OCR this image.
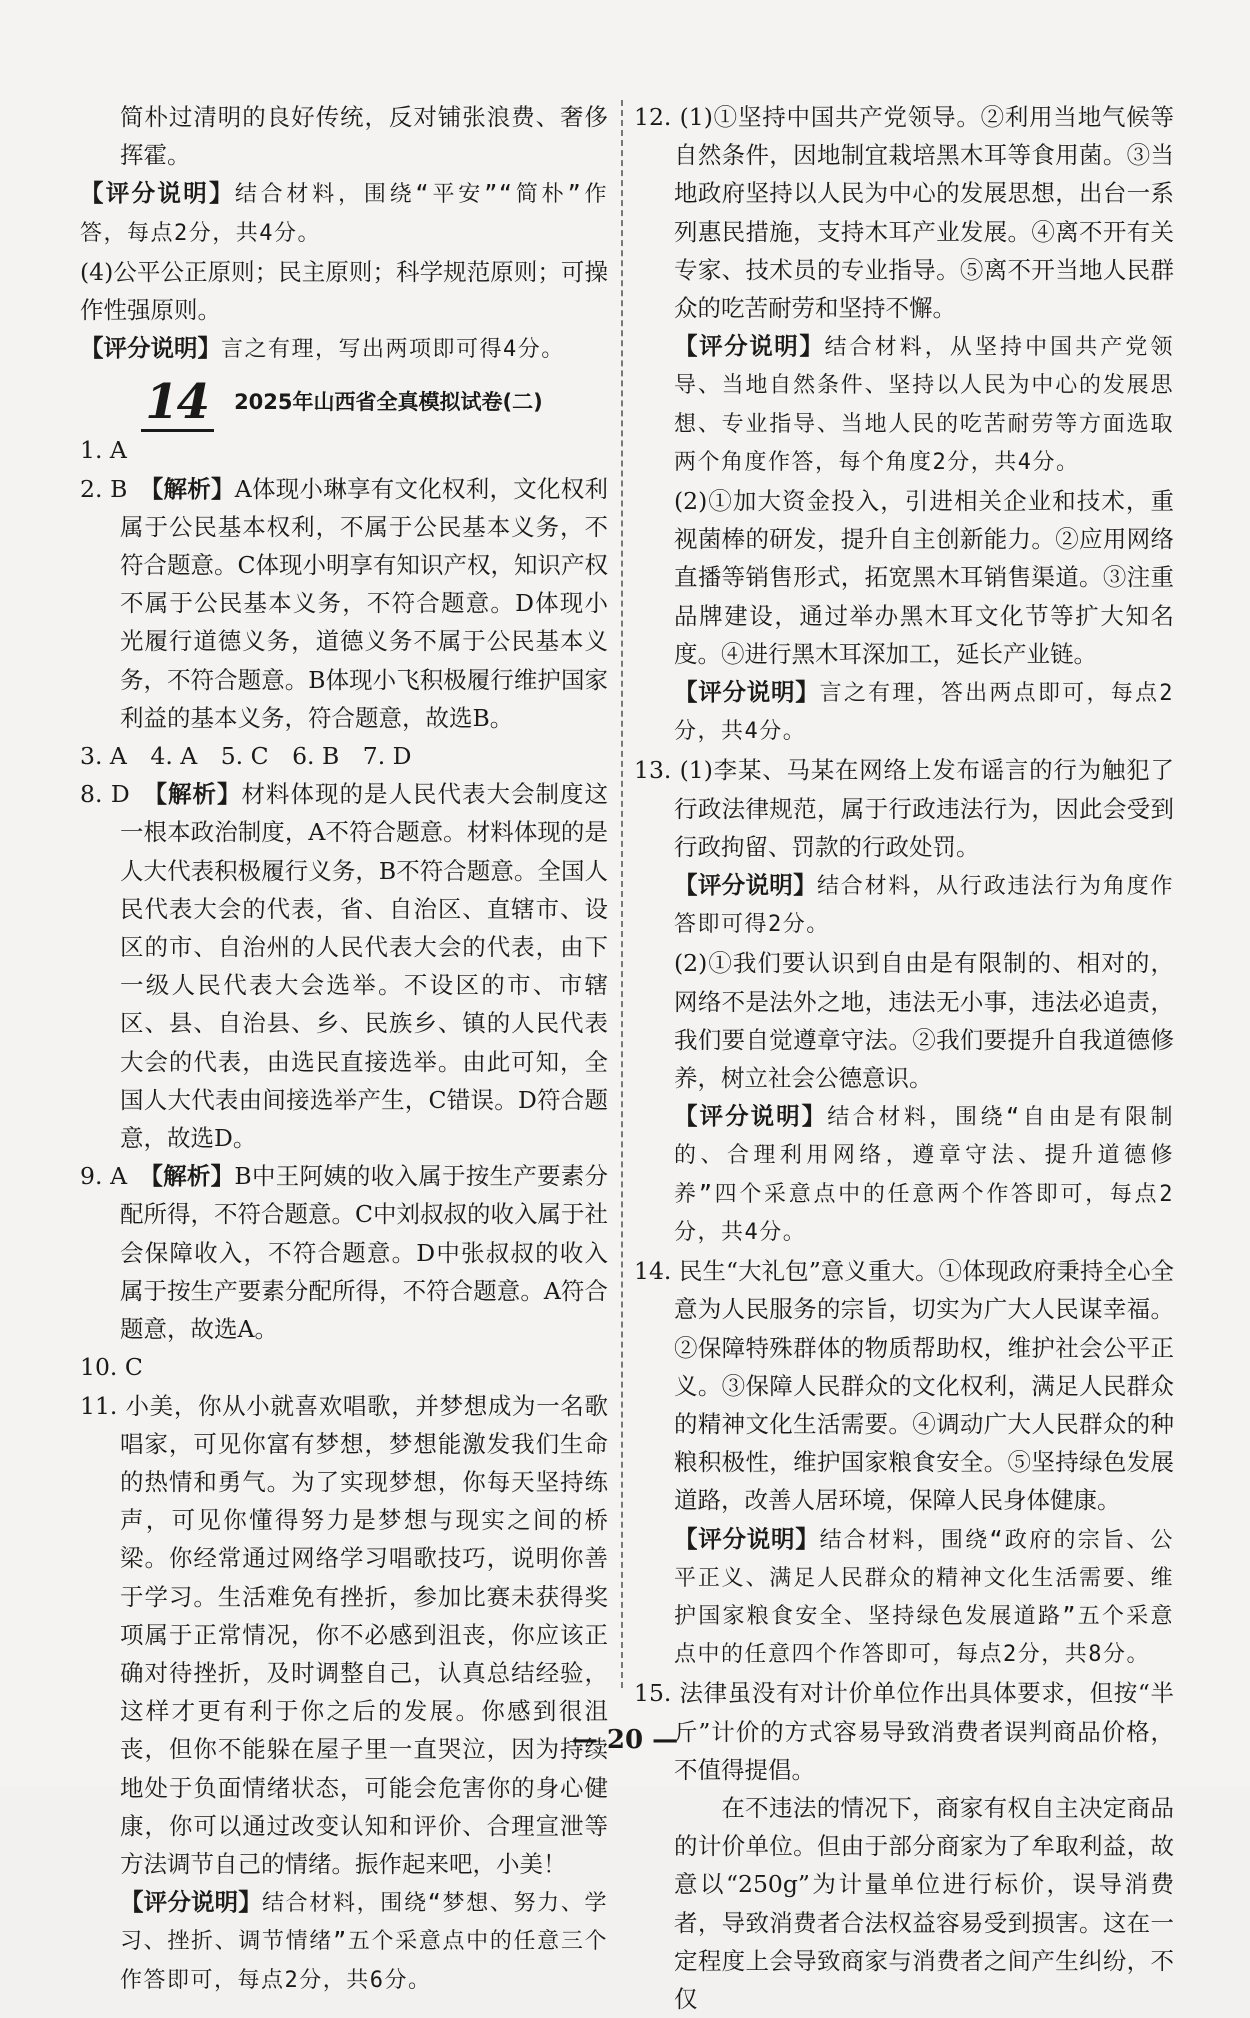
简朴过清明的良好传统，反对铺张浪费、奢侈挥霍。

【评分说明】结合材料，围绕“平安”“简朴”作答，每点2分，共4分。

(4)公平公正原则；民主原则；科学规范原则；可操作性强原则。

【评分说明】言之有理，写出两项即可得4分。

14 2025年山西省全真模拟试卷(二)

1. A

2. B　【解析】A体现小琳享有文化权利，文化权利属于公民基本权利，不属于公民基本义务，不符合题意。C体现小明享有知识产权，知识产权不属于公民基本义务，不符合题意。D体现小光履行道德义务，道德义务不属于公民基本义务，不符合题意。B体现小飞积极履行维护国家利益的基本义务，符合题意，故选B。

3. A　4. A　5. C　6. B　7. D

8. D　【解析】材料体现的是人民代表大会制度这一根本政治制度，A不符合题意。材料体现的是人大代表积极履行义务，B不符合题意。全国人民代表大会的代表，省、自治区、直辖市、设区的市、自治州的人民代表大会的代表，由下一级人民代表大会选举。不设区的市、市辖区、县、自治县、乡、民族乡、镇的人民代表大会的代表，由选民直接选举。由此可知，全国人大代表由间接选举产生，C错误。D符合题意，故选D。

9. A　【解析】B中王阿姨的收入属于按生产要素分配所得，不符合题意。C中刘叔叔的收入属于社会保障收入，不符合题意。D中张叔叔的收入属于按生产要素分配所得，不符合题意。A符合题意，故选A。

10. C

11. 小美，你从小就喜欢唱歌，并梦想成为一名歌唱家，可见你富有梦想，梦想能激发我们生命的热情和勇气。为了实现梦想，你每天坚持练声，可见你懂得努力是梦想与现实之间的桥梁。你经常通过网络学习唱歌技巧，说明你善于学习。生活难免有挫折，参加比赛未获得奖项属于正常情况，你不必感到沮丧，你应该正确对待挫折，及时调整自己，认真总结经验，这样才更有利于你之后的发展。你感到很沮丧，但你不能躲在屋子里一直哭泣，因为持续地处于负面情绪状态，可能会危害你的身心健康，你可以通过改变认知和评价、合理宣泄等方法调节自己的情绪。振作起来吧，小美！

【评分说明】结合材料，围绕“梦想、努力、学习、挫折、调节情绪”五个采意点中的任意三个作答即可，每点2分，共6分。

12. (1)①坚持中国共产党领导。②利用当地气候等自然条件，因地制宜栽培黑木耳等食用菌。③当地政府坚持以人民为中心的发展思想，出台一系列惠民措施，支持木耳产业发展。④离不开有关专家、技术员的专业指导。⑤离不开当地人民群众的吃苦耐劳和坚持不懈。

【评分说明】结合材料，从坚持中国共产党领导、当地自然条件、坚持以人民为中心的发展思想、专业指导、当地人民的吃苦耐劳等方面选取两个角度作答，每个角度2分，共4分。

(2)①加大资金投入，引进相关企业和技术，重视菌棒的研发，提升自主创新能力。②应用网络直播等销售形式，拓宽黑木耳销售渠道。③注重品牌建设，通过举办黑木耳文化节等扩大知名度。④进行黑木耳深加工，延长产业链。

【评分说明】言之有理，答出两点即可，每点2分，共4分。

13. (1)李某、马某在网络上发布谣言的行为触犯了行政法律规范，属于行政违法行为，因此会受到行政拘留、罚款的行政处罚。

【评分说明】结合材料，从行政违法行为角度作答即可得2分。

(2)①我们要认识到自由是有限制的、相对的，网络不是法外之地，违法无小事，违法必追责，我们要自觉遵章守法。②我们要提升自我道德修养，树立社会公德意识。

【评分说明】结合材料，围绕“自由是有限制的、合理利用网络，遵章守法、提升道德修养”四个采意点中的任意两个作答即可，每点2分，共4分。

14. 民生“大礼包”意义重大。①体现政府秉持全心全意为人民服务的宗旨，切实为广大人民谋幸福。②保障特殊群体的物质帮助权，维护社会公平正义。③保障人民群众的文化权利，满足人民群众的精神文化生活需要。④调动广大人民群众的种粮积极性，维护国家粮食安全。⑤坚持绿色发展道路，改善人居环境，保障人民身体健康。

【评分说明】结合材料，围绕“政府的宗旨、公平正义、满足人民群众的精神文化生活需要、维护国家粮食安全、坚持绿色发展道路”五个采意点中的任意四个作答即可，每点2分，共8分。

15. 法律虽没有对计价单位作出具体要求，但按“半斤”计价的方式容易导致消费者误判商品价格，不值得提倡。

在不违法的情况下，商家有权自主决定商品的计价单位。但由于部分商家为了牟取利益，故意以“250g”为计量单位进行标价，误导消费者，导致消费者合法权益容易受到损害。这在一定程度上会导致商家与消费者之间产生纠纷，不仅

— 20 —
